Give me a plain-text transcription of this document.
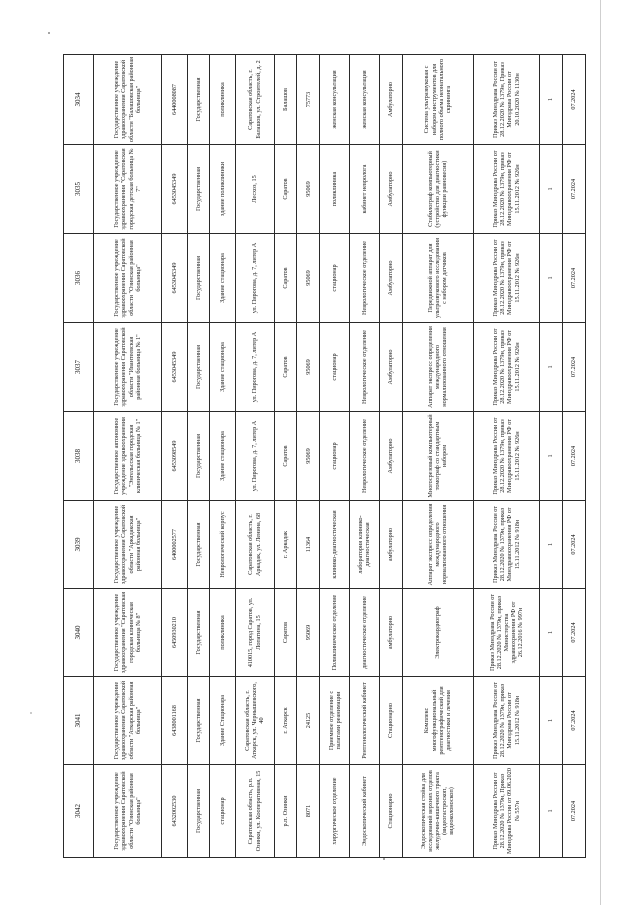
3042	3041	3040	3039	3038	3037	3036	3035	3034
Государственное учреждение здравоохранения Саратовской области "Озинская районная больница"	Государственное учреждение здравоохранения Саратовской области "Аткарская районная больница"	Государственное учреждение здравоохранения "Саратовская городская клиническая больница № 8"	Государственное учреждение здравоохранения Саратовской области "Аркадакская районная больница"	Государственное автономное учреждение здравоохранения "Энгельсская городская клиническая больница № 1"	Государственное учреждение здравоохранения Саратовской области "Ивантеевская районная больница № 1"	Государственное учреждение здравоохранения Саратовской области "Озинская районная больница"	Государственное учреждение здравоохранения "Саратовская городская детская больница № 7"	Государственное учреждение здравоохранения Саратовской области "Балашовская районная больница"
6432002530	6438001168	6450930210	6400002577	6453098549	6453045349	6453045349	6453045349	6440008087
Государственная	Государственная	Государственная	Государственная	Государственная	Государственная	Государственная	Государственная	Государственная
стационар	Здание Стационара	поликлиника	Неврологический корпус	Здание стационара	Здание стационара	Здание стационара	здание поликлиники	поликлиника
Саратовская область, р.п. Озинки, ул. Кооперативная, 15	Саратовская область, г. Аткарск, ул. Чернышевского, 40	410015, город Саратов, ул. Лопатина, 15	Саратовская область, г. Аркадак, ул. Ленина, 68	ул. Пирогова, д. 7, литер А	ул. Пирогова, д. 7, литер А	ул. Пирогова, д. 7, литер А	Лесхоз, 15	Саратовская область, г. Балашов, ул. Строителей, д. 2
р.п. Озинки	г. Аткарск	Саратов	г. Аркадак	Саратов	Саратов	Саратов	Саратов	Балашов
8071	24125	95069	11364	95069	95069	95069	95069	75773
хирургическое отделение	Приемное отделение с палатами реанимации	Поликлиническое отделение	клинико-диагностическая	стационар	стационар	стационар	поликлиника	женская консультация
Эндоскопический кабинет	Рентгенологический кабинет	диагностическое отделение	лаборатория клинико-диагностическая	Неврологическое отделение	Неврологическое отделение	Неврологическое отделение	кабинет невролога	женская консультация
Стационарно	Стационарно	амбулаторно	амбулаторно	Амбулаторно	Амбулаторно	Амбулаторно	Амбулаторно	Амбулаторно
Эндоскопическая стойка для исследований верхних отделов желудочно-кишечного тракта (видеогастроскоп, видеоколоноскоп)	Комплекс многофункциональный рентгенографический для диагностики и лечения	Электрокардиограф	Аппарат экспресс определения международного нормализованного отношения	Многосрезовый компьютерный томограф со стандартным набором	Аппарат экспресс определения международного нормализованного отношения	Передвижной аппарат для ультразвукового исследования с набором датчиков	Стабилограф компьютерный (устройство для диагностики функции равновесия)	Система ультразвуковая с набором инструментов для полного объема неонатального скрининга
Приказ Минздрава России от 28.12.2020 № 1379н, Приказ Минздрава России от 09.06.2020 № 557н	Приказ Минздрава России от 28.12.2020 № 1379н, приказ Минздрава России от 15.11.2012 № 918н	Приказ Минздрава России от 28.12.2020 № 1379н, приказ Министерства здравоохранения РФ от 26.12.2016 № 997н	Приказ Минздрава России от 28.12.2020 № 1379н, приказ Минздравоохранения РФ от 15.11.2012 № 918н	Приказ Минздрава России от 28.12.2020 № 1379н, приказ Минздравоохранения РФ от 15.11.2012 № 926н	Приказ Минздрава России от 28.12.2020 № 1379н, приказ Минздравоохранения РФ от 15.11.2012 № 926н	Приказ Минздрава России от 28.12.2020 № 1379н, приказ Минздравоохранения РФ от 15.11.2012 № 926н	Приказ Минздрава России от 28.12.2020 № 1379н, приказ Минздравоохранения РФ от 15.11.2012 № 926н	Приказ Минздрава России от 28.12.2020 № 1379н, Приказ Минздрава России от 20.10.2020 № 1130н
1	1	1	1	1	1	1	1	1
07.2024	07.2024	07.2024	07.2024	07.2024	07.2024	07.2024	07.2024	07.2024
